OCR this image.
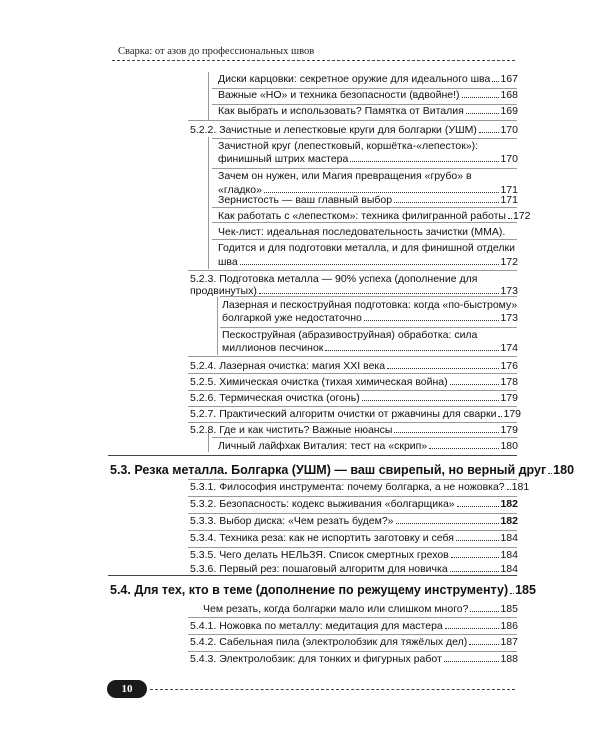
Сварка: от азов до профессиональных швов
Диски карцовки: секретное оружие для идеального шва 167
Важные «НО» и техника безопасности (вдвойне!)	168
Как выбрать и использовать? Памятка от Виталия	169
5.2.2. Зачистные и лепестковые круги для болгарки (УШМ) 170
Зачистной круг (лепестковый, коршётка-«лепесток»):
финишный штрих мастера	170
Зачем он нужен, или Магия превращения «грубо» в
«гладко»	171
Зернистость — ваш главный выбор	171
Как работать с «лепестком»: техника филигранной работы 172
Чек-лист: идеальная последовательность зачистки (ММА).
Годится и для подготовки металла, и для финишной отделки
шва	172
5.2.3. Подготовка металла — 90% успеха (дополнение для
продвинутых)	173
Лазерная и пескоструйная подготовка: когда «по-быстрому»
болгаркой уже недостаточно	173
Пескоструйная (абразивоструйная) обработка: сила
миллионов песчинок	174
5.2.4. Лазерная очистка: магия XXI века	176
5.2.5. Химическая очистка (тихая химическая война)	178
5.2.6. Термическая очистка (огонь)	179
5.2.7. Практический алгоритм очистки от ржавчины для сварки 179
5.2.8. Где и как чистить? Важные нюансы	179
Личный лайфхак Виталия: тест на «скрип»	180
5.3. Резка металла. Болгарка (УШМ) — ваш свирепый, но верный друг 180
5.3.1. Философия инструмента: почему болгарка, а не ножовка? 181
5.3.2. Безопасность: кодекс выживания «болгарщика»	182
5.3.3. Выбор диска: «Чем резать будем?»	182
5.3.4. Техника реза: как не испортить заготовку и себя	184
5.3.5. Чего делать НЕЛЬЗЯ. Список смертных грехов	184
5.3.6. Первый рез: пошаговый алгоритм для новичка	184
5.4. Для тех, кто в теме (дополнение по режущему инструменту) 185
Чем резать, когда болгарки мало или слишком много?	185
5.4.1. Ножовка по металлу: медитация для мастера	186
5.4.2. Сабельная пила (электролобзик для тяжёлых дел)	187
5.4.3. Электролобзик: для тонких и фигурных работ	188
10
